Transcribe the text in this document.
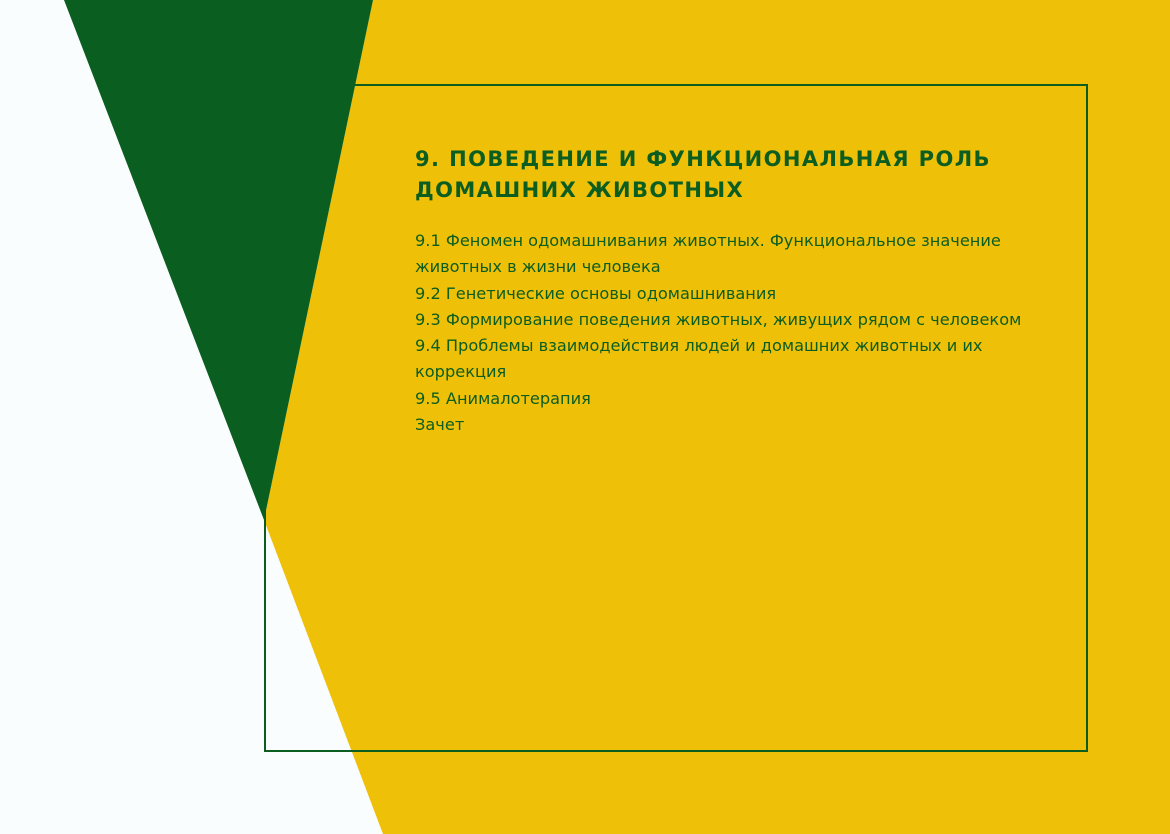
9. ПОВЕДЕНИЕ И ФУНКЦИОНАЛЬНАЯ РОЛЬ
ДОМАШНИХ ЖИВОТНЫХ
9.1 Феномен одомашнивания животных. Функциональное значение животных в жизни человека
9.2 Генетические основы одомашнивания
9.3 Формирование поведения животных, живущих рядом с человеком
9.4 Проблемы взаимодействия людей и домашних животных и их коррекция
9.5 Анималотерапия
Зачет
